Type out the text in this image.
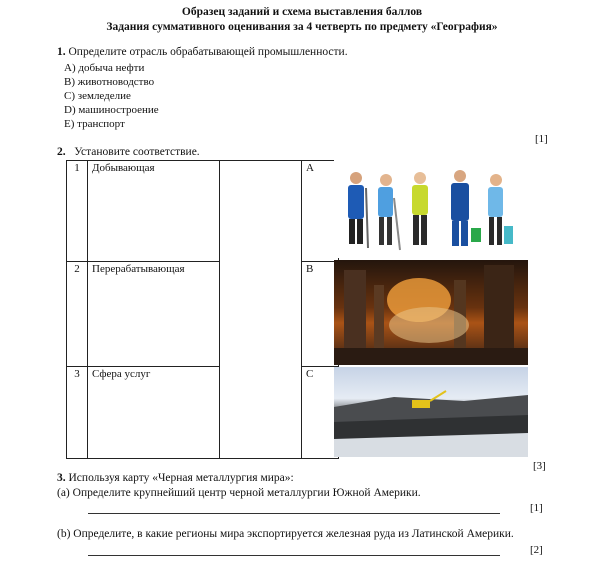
Образец заданий и схема выставления баллов
Задания суммативного оценивания за 4 четверть по предмету «География»
1. Определите отрасль обрабатывающей промышленности.
A) добыча нефти
B) животноводство
C) земледелие
D) машиностроение
E) транспорт
[1]
2. Установите соответствие.
1	Добывающая		A
2	Перерабатывающая		B
3	Сфера услуг		C
[3]
3. Используя карту «Черная металлургия мира»:
(a) Определите крупнейший центр черной металлургии Южной Америки.
[1]
(b) Определите, в какие регионы мира экспортируется железная руда из Латинской Америки.
[2]
